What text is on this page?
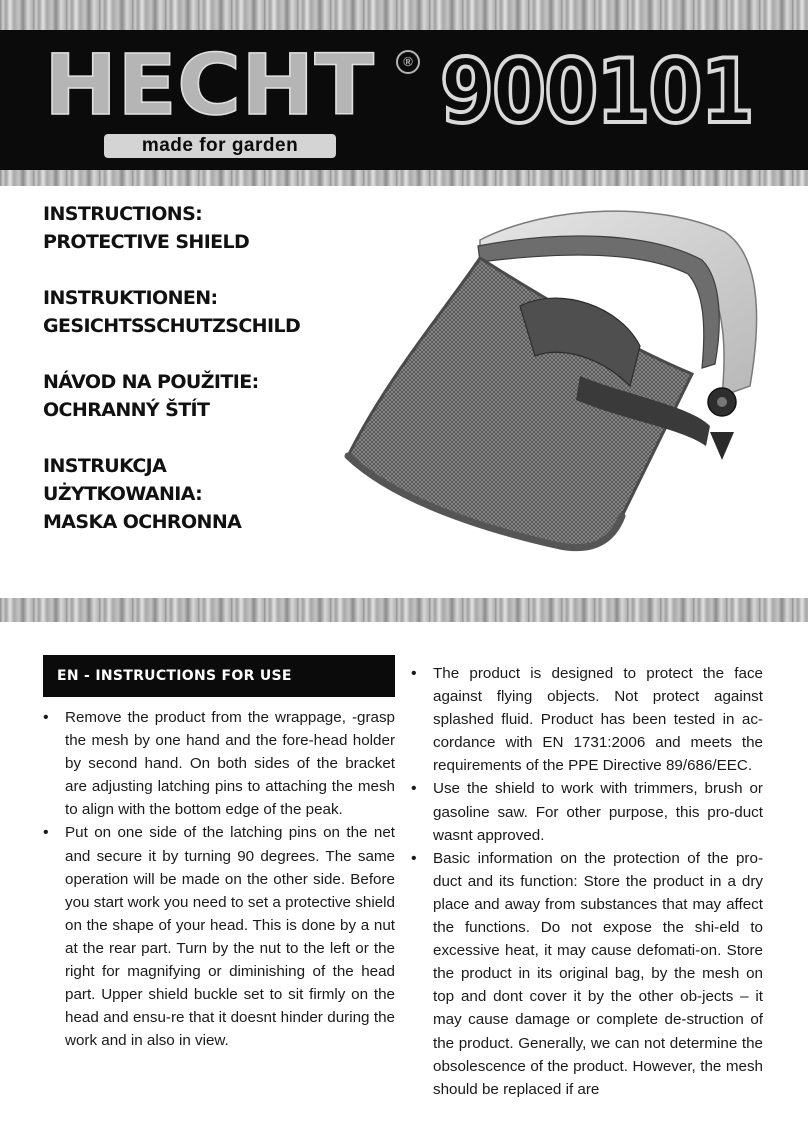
HECHT	®
made for garden
900101
INSTRUCTIONS:
PROTECTIVE SHIELD
INSTRUKTIONEN:
GESICHTSSCHUTZSCHILD
NÁVOD NA POUŽITIE:
OCHRANNÝ ŠTÍT
INSTRUKCJA
UŻYTKOWANIA:
MASKA OCHRONNA
EN - INSTRUCTIONS FOR USE
• Remove the product from the wrappage, -grasp the mesh by one hand and the fore-head holder by second hand. On both sides of the bracket are adjusting latching pins to attaching the mesh to align with the bottom edge of the peak.
• Put on one side of the latching pins on the net and secure it by turning 90 degrees. The same operation will be made on the other side. Before you start work you need to set a protective shield on the shape of your head. This is done by a nut at the rear part. Turn by the nut to the left or the right for magnifying or diminishing of the head part. Upper shield buckle set to sit firmly on the head and ensu-re that it doesnt hinder during the work and in also in view.
• The product is designed to protect the face against flying objects. Not protect against splashed fluid. Product has been tested in ac-cordance with EN 1731:2006 and meets the requirements of the PPE Directive 89/686/EEC.
• Use the shield to work with trimmers, brush or gasoline saw. For other purpose, this pro-duct wasnt approved.
• Basic information on the protection of the pro-duct and its function: Store the product in a dry place and away from substances that may affect the functions. Do not expose the shi-eld to excessive heat, it may cause defomati-on. Store the product in its original bag, by the mesh on top and dont cover it by the other ob-jects – it may cause damage or complete de-struction of the product. Generally, we can not determine the obsolescence of the product. However, the mesh should be replaced if are
